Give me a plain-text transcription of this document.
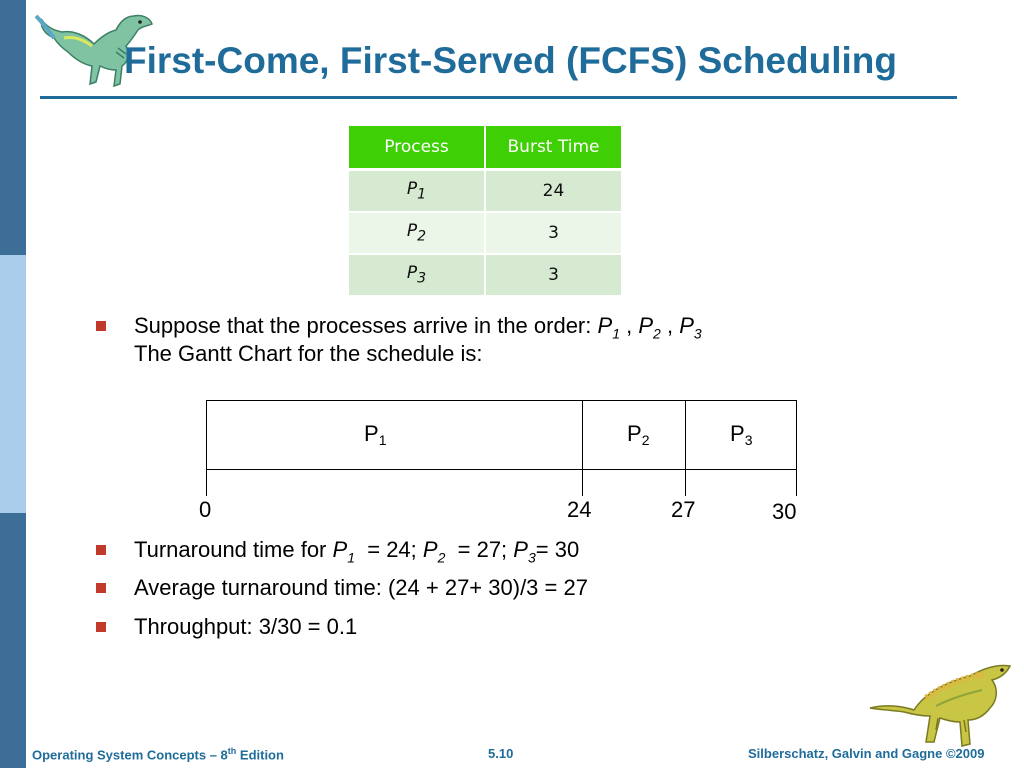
First-Come, First-Served (FCFS) Scheduling
Process	Burst Time
$P_1$	24
$P_2$	3
$P_3$	3
Suppose that the processes arrive in the order: $P_1$ , $P_2$ , $P_3$
The Gantt Chart for the schedule is:
$P_1$	$P_2$	$P_3$
0	24	27	30
Turnaround time for $P_1 = 24$; $P_2 = 27$; $P_3= 30$
Average turnaround time: (24 + 27+ 30)/3 = 27
Throughput: 3/30 = 0.1
Operating System Concepts – 8th Edition	5.10	Silberschatz, Galvin and Gagne ©2009
